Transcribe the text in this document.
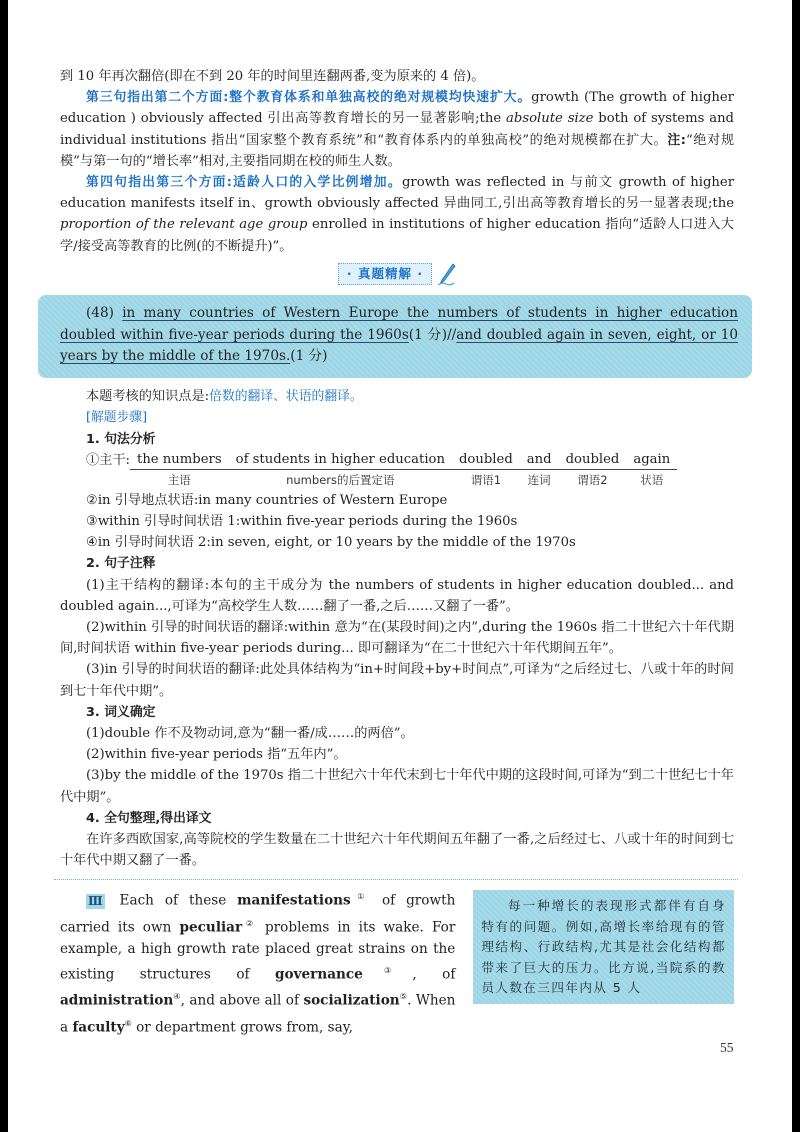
到 10 年再次翻倍(即在不到 20 年的时间里连翻两番,变为原来的 4 倍)。

第三句指出第二个方面:整个教育体系和单独高校的绝对规模均快速扩大。growth (The growth of higher education ) obviously affected 引出高等教育增长的另一显著影响;the absolute size both of systems and individual institutions 指出“国家整个教育系统”和“教育体系内的单独高校”的绝对规模都在扩大。注:“绝对规模”与第一句的“增长率”相对,主要指同期在校的师生人数。

第四句指出第三个方面:适龄人口的入学比例增加。growth was reflected in 与前文 growth of higher education manifests itself in、growth obviously affected 异曲同工,引出高等教育增长的另一显著表现;the proportion of the relevant age group enrolled in institutions of higher education 指向“适龄人口进入大学/接受高等教育的比例(的不断提升)”。

· 真题精解 ·

(48) in many countries of Western Europe the numbers of students in higher education doubled within five-year periods during the 1960s(1 分)//and doubled again in seven, eight, or 10 years by the middle of the 1970s.(1 分)

本题考核的知识点是:倍数的翻译、状语的翻译。

[解题步骤]

1. 句法分析

①主干: the numbers	of students in higher education	doubled	and	doubled	again
主语	numbers的后置定语	谓语1	连词	谓语2	状语

②in 引导地点状语:in many countries of Western Europe

③within 引导时间状语 1:within five-year periods during the 1960s

④in 引导时间状语 2:in seven, eight, or 10 years by the middle of the 1970s

2. 句子注释

(1)主干结构的翻译:本句的主干成分为 the numbers of students in higher education doubled... and doubled again...,可译为“高校学生人数……翻了一番,之后……又翻了一番”。

(2)within 引导的时间状语的翻译:within 意为“在(某段时间)之内”,during the 1960s 指二十世纪六十年代期间,时间状语 within five-year periods during... 即可翻译为“在二十世纪六十年代期间五年”。

(3)in 引导的时间状语的翻译:此处具体结构为“in+时间段+by+时间点”,可译为“之后经过七、八或十年的时间到七十年代中期”。

3. 词义确定

(1)double 作不及物动词,意为“翻一番/成……的两倍”。

(2)within five-year periods 指“五年内”。

(3)by the middle of the 1970s 指二十世纪六十年代末到七十年代中期的这段时间,可译为“到二十世纪七十年代中期”。

4. 全句整理,得出译文

在许多西欧国家,高等院校的学生数量在二十世纪六十年代期间五年翻了一番,之后经过七、八或十年的时间到七十年代中期又翻了一番。

Ⅲ Each of these manifestations① of growth carried its own peculiar② problems in its wake. For example, a high growth rate placed great strains on the existing structures of governance③, of administration④, and above all of socialization⑤. When a faculty⑥ or department grows from, say,
每一种增长的表现形式都伴有自身特有的问题。例如,高增长率给现有的管理结构、行政结构,尤其是社会化结构都带来了巨大的压力。比方说,当院系的教员人数在三四年内从 5 人
55
